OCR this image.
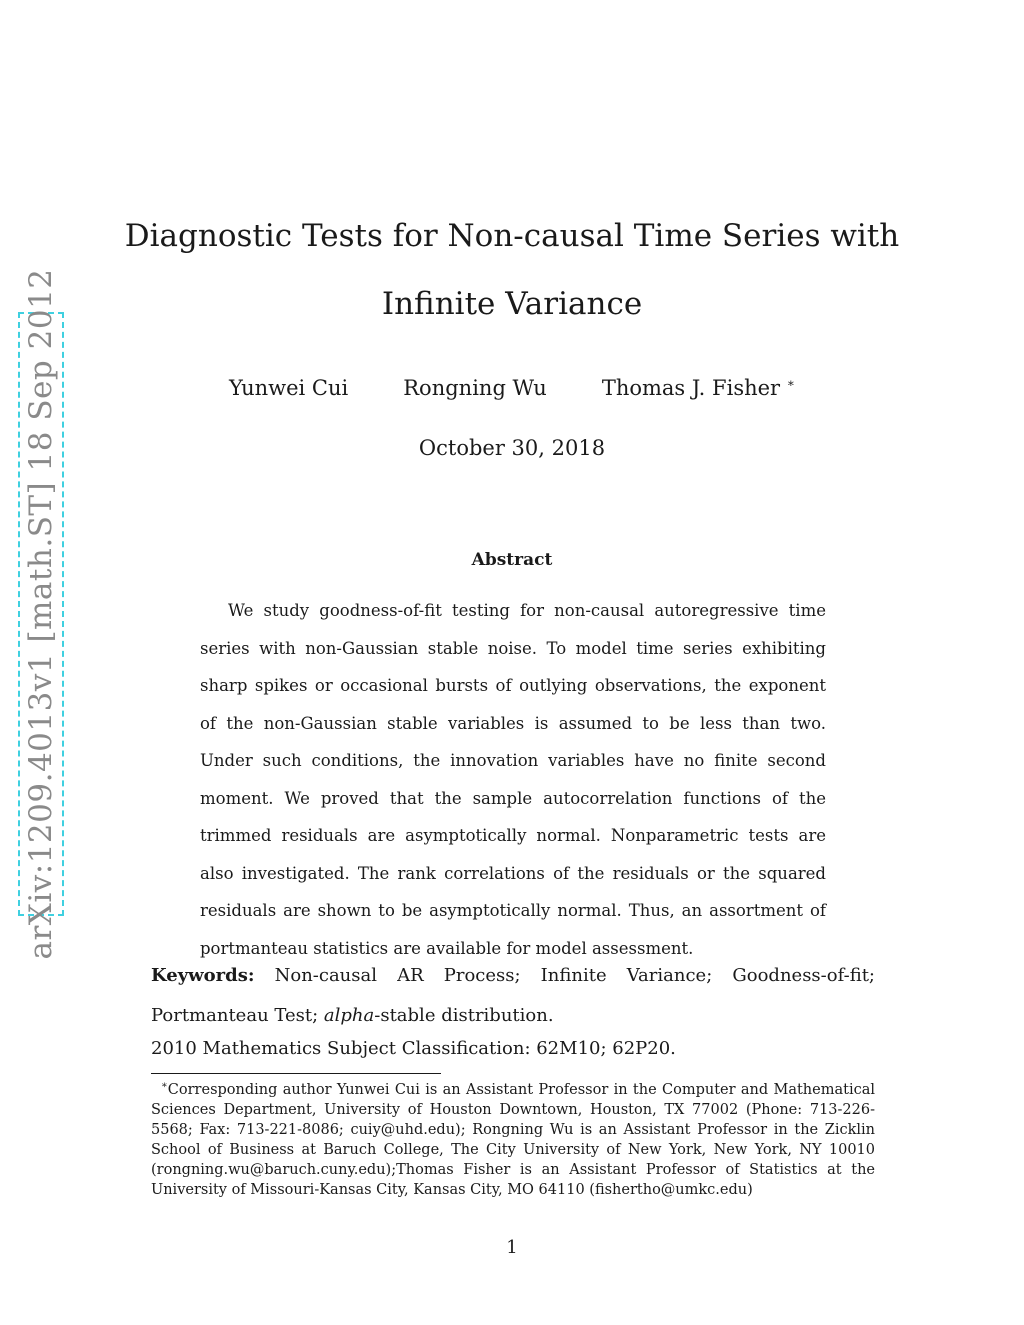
arXiv:1209.4013v1 [math.ST] 18 Sep 2012
Diagnostic Tests for Non-causal Time Series with
Infinite Variance
Yunwei Cui	Rongning Wu	Thomas J. Fisher ∗
October 30, 2018
Abstract

We study goodness-of-fit testing for non-causal autoregressive time series with non-Gaussian stable noise. To model time series exhibiting sharp spikes or occasional bursts of outlying observations, the exponent of the non-Gaussian stable variables is assumed to be less than two. Under such conditions, the innovation variables have no finite second moment. We proved that the sample autocorrelation functions of the trimmed residuals are asymptotically normal. Nonparametric tests are also investigated. The rank correlations of the residuals or the squared residuals are shown to be asymptotically normal. Thus, an assortment of portmanteau statistics are available for model assessment.

Keywords: Non-causal AR Process; Infinite Variance; Goodness-of-fit; Portmanteau Test; alpha-stable distribution.

2010 Mathematics Subject Classification: 62M10; 62P20.

∗Corresponding author Yunwei Cui is an Assistant Professor in the Computer and Mathematical Sciences Department, University of Houston Downtown, Houston, TX 77002 (Phone: 713-226-5568; Fax: 713-221-8086; cuiy@uhd.edu); Rongning Wu is an Assistant Professor in the Zicklin School of Business at Baruch College, The City University of New York, New York, NY 10010 (rongning.wu@baruch.cuny.edu);Thomas Fisher is an Assistant Professor of Statistics at the University of Missouri-Kansas City, Kansas City, MO 64110 (fishertho@umkc.edu)

1
